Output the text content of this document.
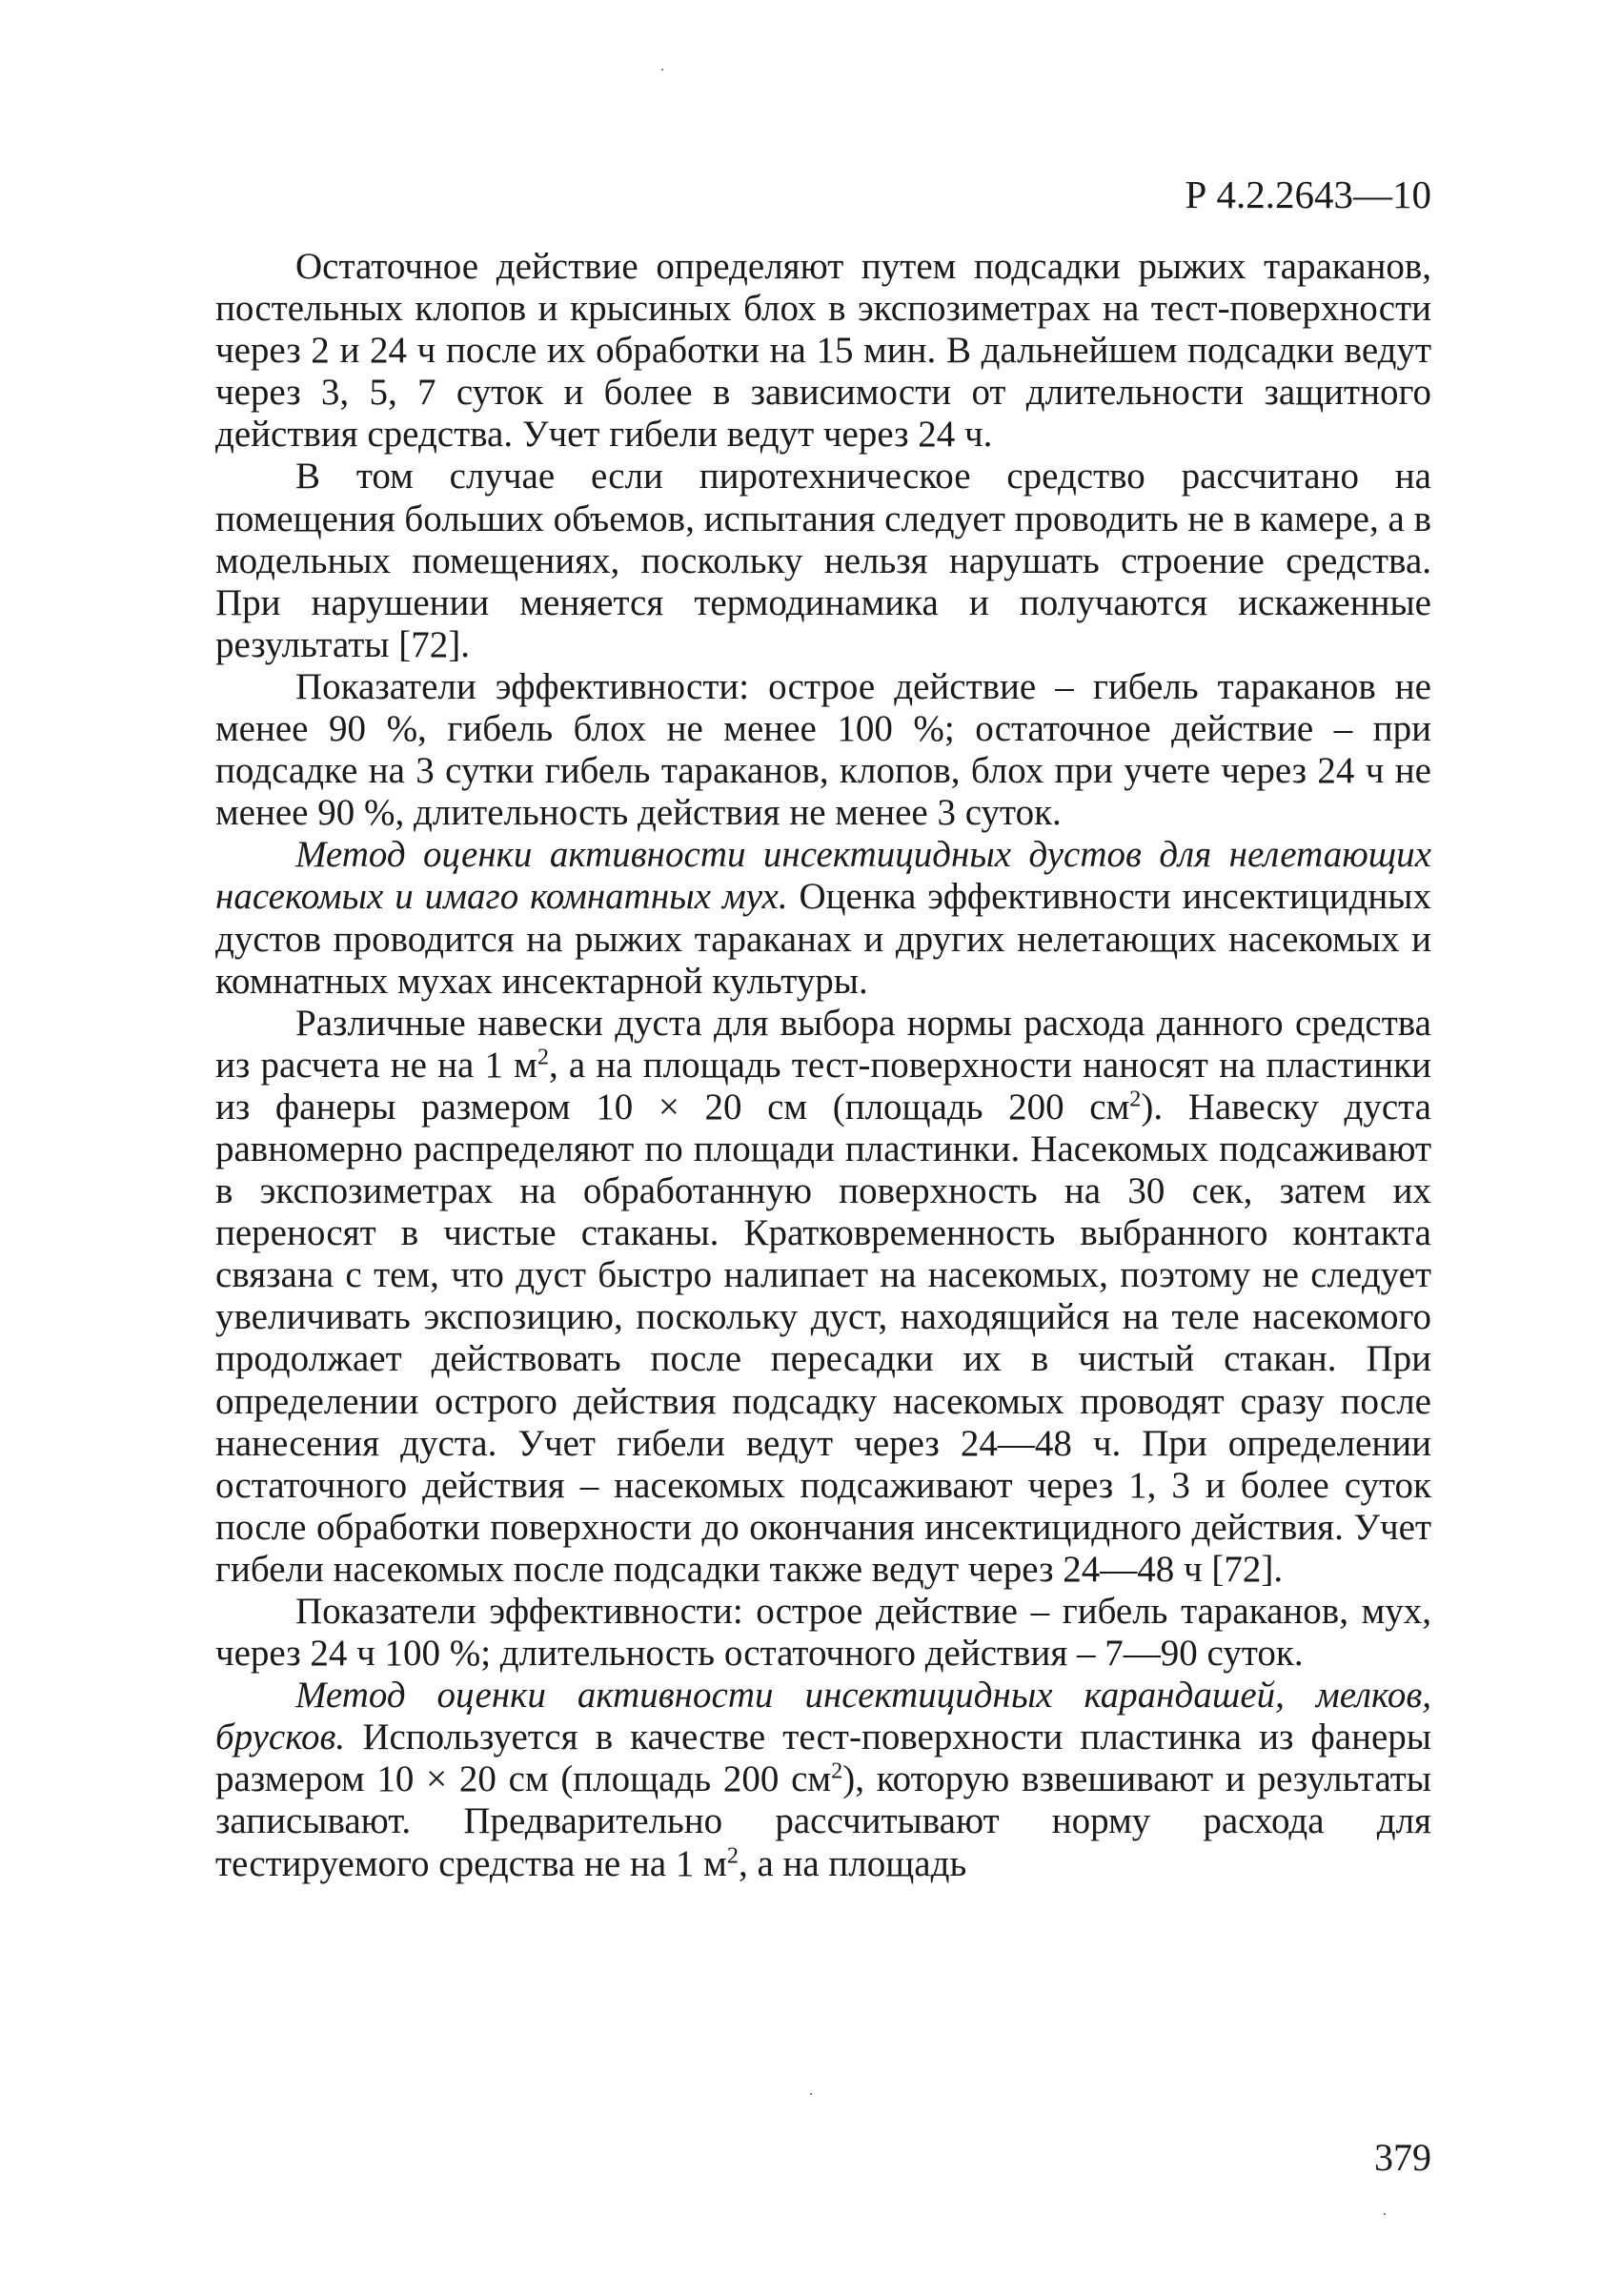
Р 4.2.2643—10

Остаточное действие определяют путем подсадки рыжих тараканов, постельных клопов и крысиных блох в экспозиметрах на тест-поверхности через 2 и 24 ч после их обработки на 15 мин. В дальнейшем подсадки ведут через 3, 5, 7 суток и более в зависимости от длительности защитного действия средства. Учет гибели ведут через 24 ч.

В том случае если пиротехническое средство рассчитано на помещения больших объемов, испытания следует проводить не в камере, а в модельных помещениях, поскольку нельзя нарушать строение средства. При нарушении меняется термодинамика и получаются искаженные результаты [72].

Показатели эффективности: острое действие – гибель тараканов не менее 90 %, гибель блох не менее 100 %; остаточное действие – при подсадке на 3 сутки гибель тараканов, клопов, блох при учете через 24 ч не менее 90 %, длительность действия не менее 3 суток.

Метод оценки активности инсектицидных дустов для нелетающих насекомых и имаго комнатных мух. Оценка эффективности инсектицидных дустов проводится на рыжих тараканах и других нелетающих насекомых и комнатных мухах инсектарной культуры.

Различные навески дуста для выбора нормы расхода данного средства из расчета не на 1 $м^2$, а на площадь тест-поверхности наносят на пластинки из фанеры размером 10 × 20 см (площадь 200 $см^2$). Навеску дуста равномерно распределяют по площади пластинки. Насекомых подсаживают в экспозиметрах на обработанную поверхность на 30 сек, затем их переносят в чистые стаканы. Кратковременность выбранного контакта связана с тем, что дуст быстро налипает на насекомых, поэтому не следует увеличивать экспозицию, поскольку дуст, находящийся на теле насекомого продолжает действовать после пересадки их в чистый стакан. При определении острого действия подсадку насекомых проводят сразу после нанесения дуста. Учет гибели ведут через 24—48 ч. При определении остаточного действия – насекомых подсаживают через 1, 3 и более суток после обработки поверхности до окончания инсектицидного действия. Учет гибели насекомых после подсадки также ведут через 24—48 ч [72].

Показатели эффективности: острое действие – гибель тараканов, мух, через 24 ч 100 %; длительность остаточного действия – 7—90 суток.

Метод оценки активности инсектицидных карандашей, мелков, брусков. Используется в качестве тест-поверхности пластинка из фанеры размером 10 × 20 см (площадь 200 $см^2$), которую взвешивают и результаты записывают. Предварительно рассчитывают норму расхода для тестируемого средства не на 1 $м^2$, а на площадь

379
